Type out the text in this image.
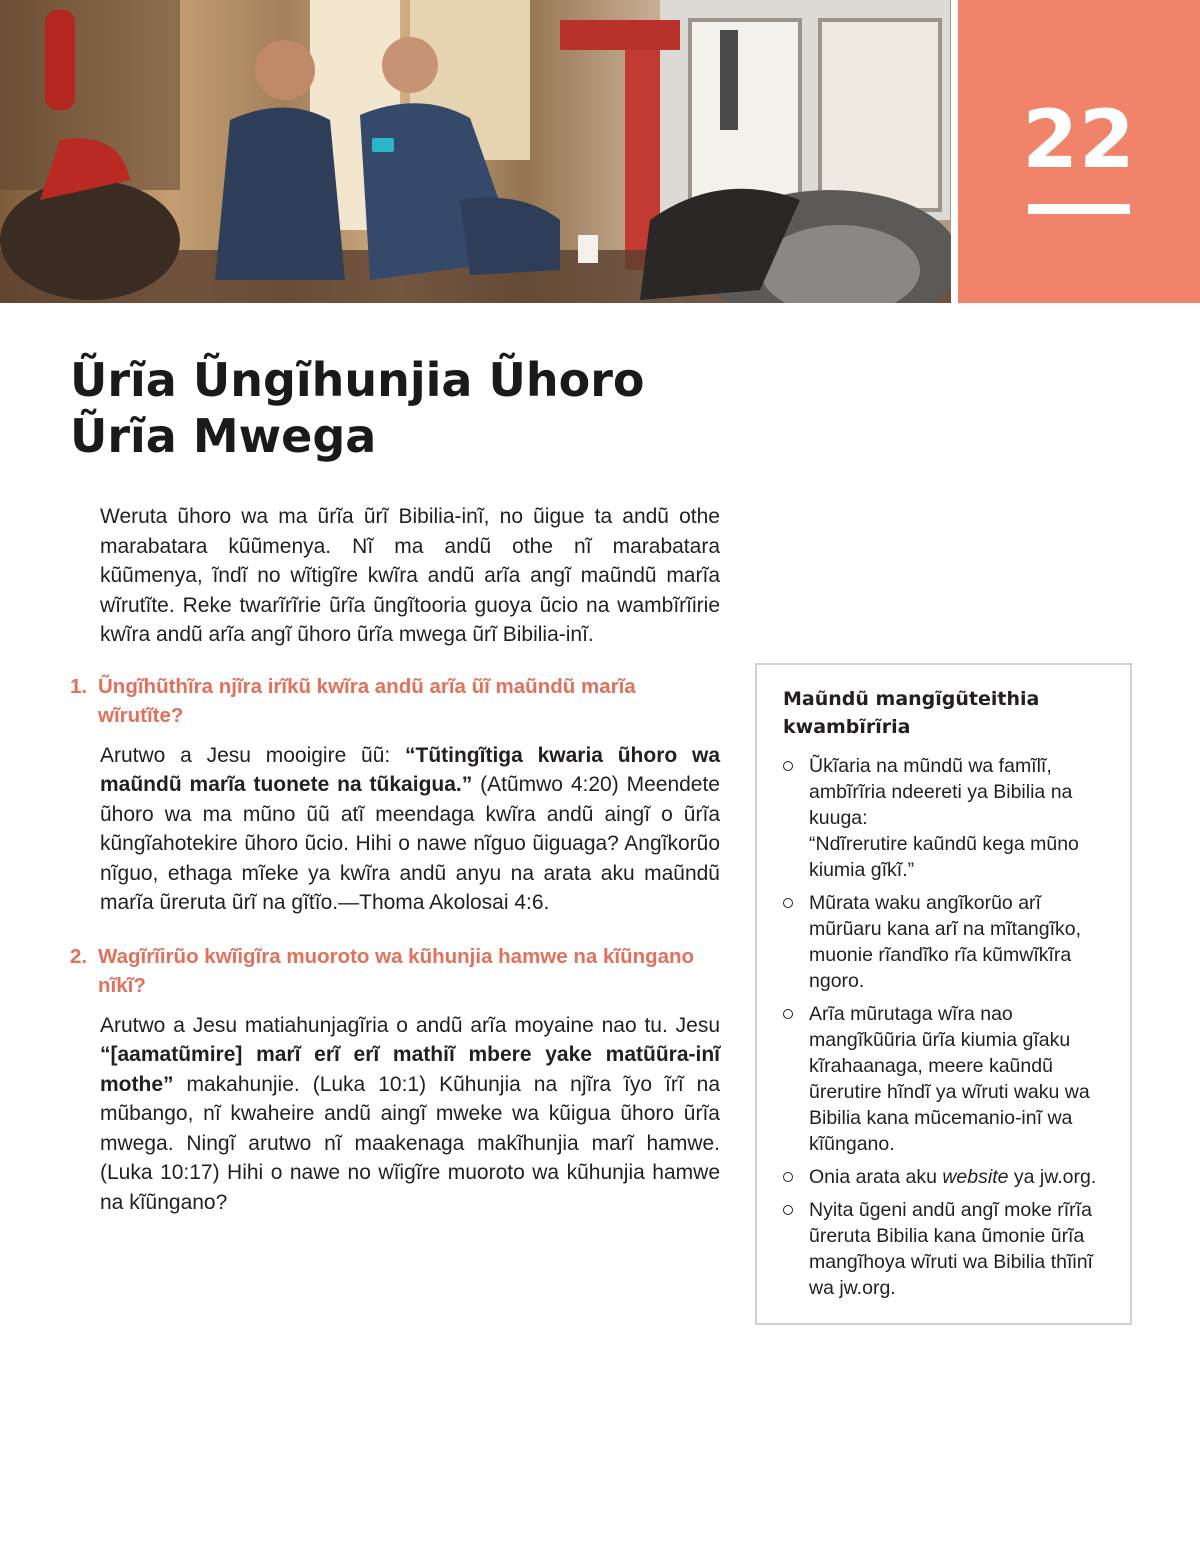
22
Ũrĩa Ũngĩhunjia Ũhoro
Ũrĩa Mwega

Weruta ũhoro wa ma ũrĩa ũrĩ Bibilia-inĩ, no ũigue ta andũ othe marabatara kũũmenya. Nĩ ma andũ othe nĩ marabatara kũũmenya, ĩndĩ no wĩtigĩre kwĩra andũ arĩa angĩ maũndũ marĩa wĩrutĩte. Reke twarĩrĩrie ũrĩa ũngĩtooria guoya ũcio na wambĩrĩirie kwĩra andũ arĩa angĩ ũhoro ũrĩa mwega ũrĩ Bibilia-inĩ.

1. Ũngĩhũthĩra njĩra irĩkũ kwĩra andũ arĩa ũĩ maũndũ marĩa wĩrutĩte?

Arutwo a Jesu mooigire ũũ: “Tũtingĩtiga kwaria ũhoro wa maũndũ marĩa tuonete na tũkaigua.” (Atũmwo 4:20) Meendete ũhoro wa ma mũno ũũ atĩ meendaga kwĩra andũ aingĩ o ũrĩa kũngĩahotekire ũhoro ũcio. Hihi o nawe nĩguo ũiguaga? Angĩkorũo nĩguo, ethaga mĩeke ya kwĩra andũ anyu na arata aku maũndũ marĩa ũreruta ũrĩ na gĩtĩo.—Thoma Akolosai 4:6.

2. Wagĩrĩirũo kwĩigĩra muoroto wa kũhunjia hamwe na kĩũngano nĩkĩ?

Arutwo a Jesu matiahunjagĩria o andũ arĩa moyaine nao tu. Jesu “[aamatũmire] marĩ erĩ erĩ mathiĩ mbere yake matũũra-inĩ mothe” makahunjie. (Luka 10:1) Kũhunjia na njĩra ĩyo ĩrĩ na mũbango, nĩ kwaheire andũ aingĩ mweke wa kũigua ũhoro ũrĩa mwega. Ningĩ arutwo nĩ maakenaga makĩhunjia marĩ hamwe. (Luka 10:17) Hihi o nawe no wĩigĩre muoroto wa kũhunjia hamwe na kĩũngano?

Maũndũ mangĩgũteithia kwambĩrĩria
Ũkĩaria na mũndũ wa famĩlĩ, ambĩrĩria ndeereti ya Bibilia na kuuga:
“Ndĩrerutire kaũndũ kega mũno kiumia gĩkĩ.”
Mũrata waku angĩkorũo arĩ mũrũaru kana arĩ na mĩtangĩko, muonie rĩandĩko rĩa kũmwĩkĩra ngoro.
Arĩa mũrutaga wĩra nao mangĩkũũria ũrĩa kiumia gĩaku kĩrahaanaga, meere kaũndũ ũrerutire hĩndĩ ya wĩruti waku wa Bibilia kana mũcemanio-inĩ wa kĩũngano.
Onia arata aku website ya jw.org.
Nyita ũgeni andũ angĩ moke rĩrĩa ũreruta Bibilia kana ũmonie ũrĩa mangĩhoya wĩruti wa Bibilia thĩinĩ wa jw.org.
